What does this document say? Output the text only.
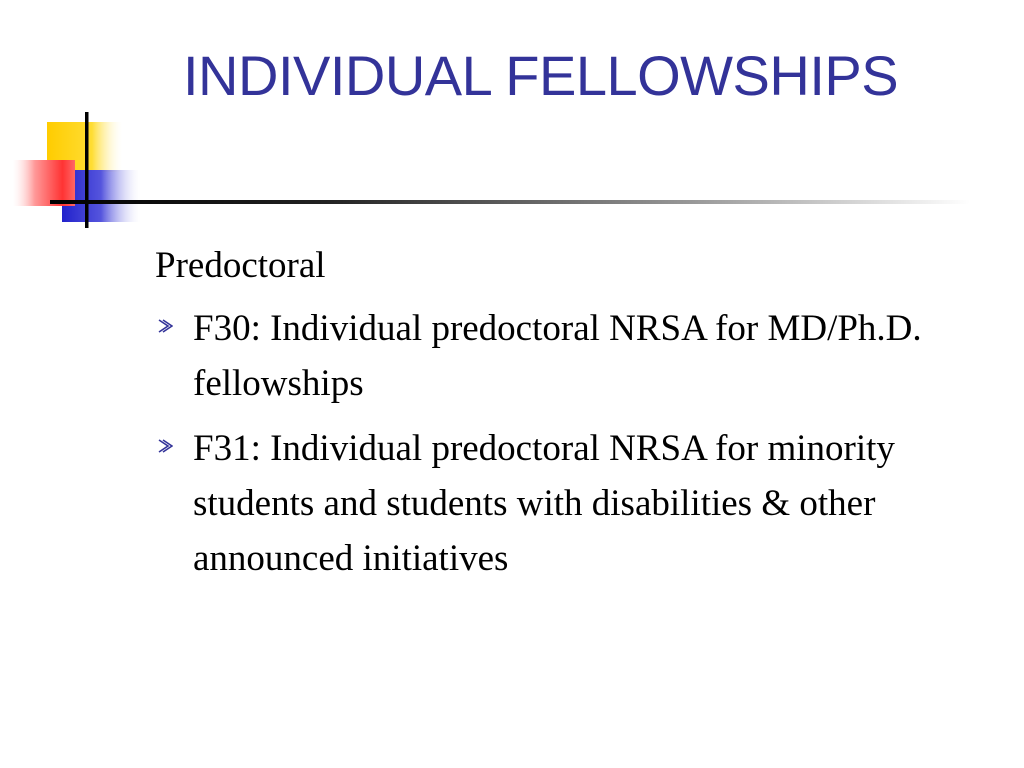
INDIVIDUAL FELLOWSHIPS

Predoctoral

F30: Individual predoctoral NRSA for MD/Ph.D. fellowships
F31: Individual predoctoral NRSA for minority students and students with disabilities & other announced initiatives
